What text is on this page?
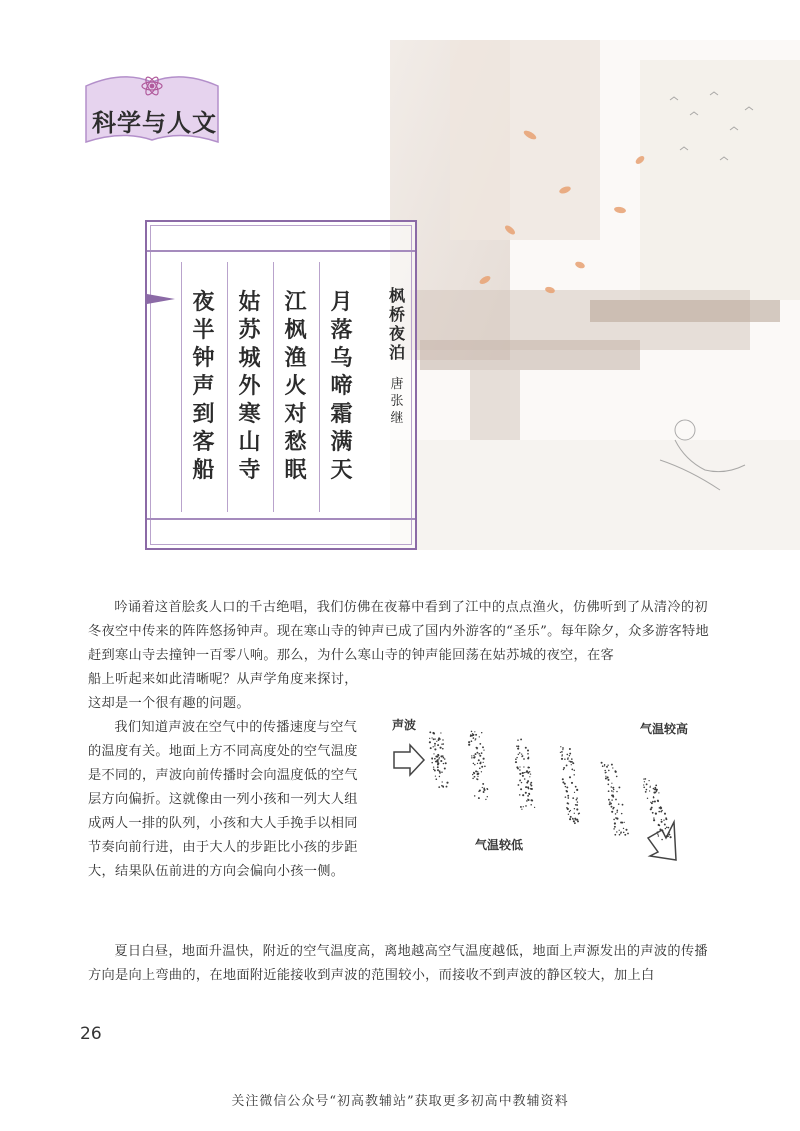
科学与人文
月
落
乌
啼
霜
满
天
江
枫
渔
火
对
愁
眠
姑
苏
城
外
寒
山
寺
夜
半
钟
声
到
客
船
枫
桥
夜
泊
唐
张
继
吟诵着这首脍炙人口的千古绝唱，我们仿佛在夜幕中看到了江中的点点渔火，仿佛听到了从清冷的初冬夜空中传来的阵阵悠扬钟声。现在寒山寺的钟声已成了国内外游客的“圣乐”。每年除夕，众多游客特地赶到寒山寺去撞钟一百零八响。那么，为什么寒山寺的钟声能回荡在姑苏城的夜空，在客
船上听起来如此清晰呢？从声学角度来探讨，这却是一个很有趣的问题。
我们知道声波在空气中的传播速度与空气的温度有关。地面上方不同高度处的空气温度是不同的，声波向前传播时会向温度低的空气层方向偏折。这就像由一列小孩和一列大人组成两人一排的队列，小孩和大人手挽手以相同节奏向前行进，由于大人的步距比小孩的步距大，结果队伍前进的方向会偏向小孩一侧。
夏日白昼，地面升温快，附近的空气温度高，离地越高空气温度越低，地面上声源发出的声波的传播方向是向上弯曲的，在地面附近能接收到声波的范围较小，而接收不到声波的静区较大，加上白
声波	气温较高
气温较低
26
关注微信公众号“初高教辅站”获取更多初高中教辅资料
